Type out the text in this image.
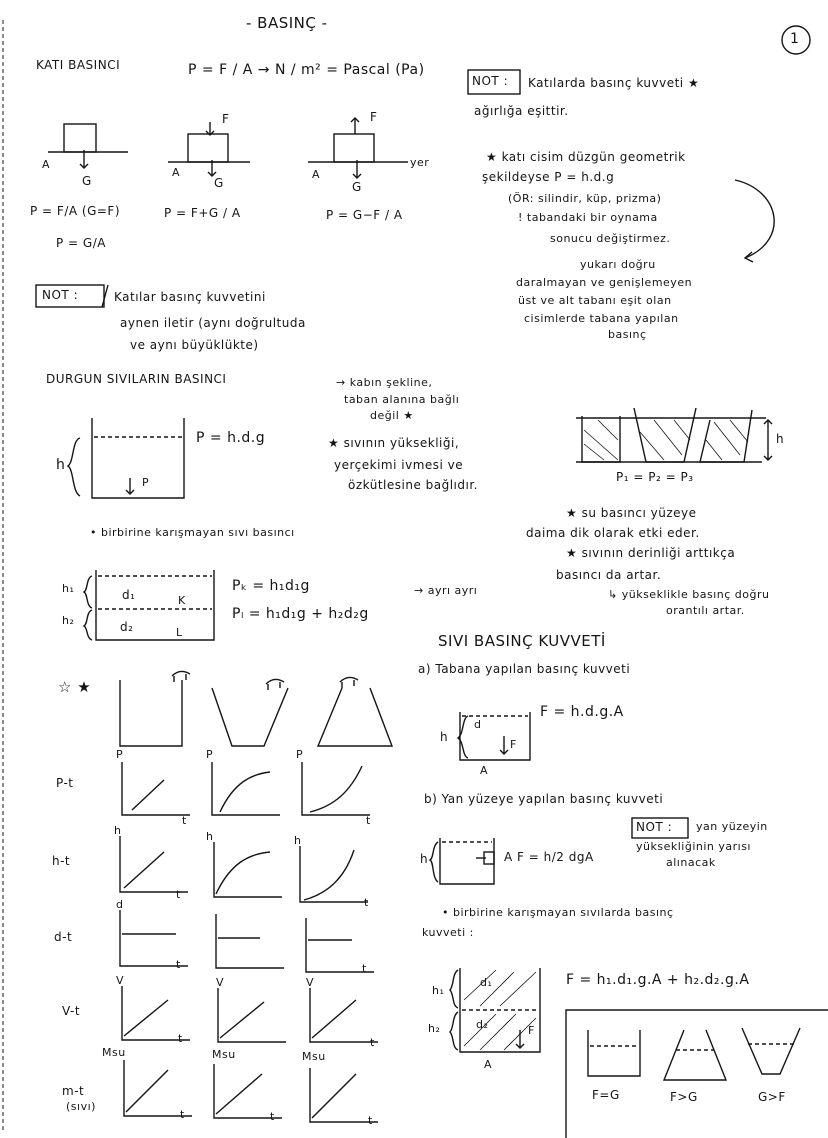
- BASINÇ -
1
KATI BASINCI	P = F / A → N / m² = Pascal (Pa)
A
G
F
A
G
F
A
G
yer
P = F/A (G=F)
P = G/A
P = F+G / A	P = G−F / A
NOT :	Katılar basınç kuvvetini
aynen iletir (aynı doğrultuda
ve aynı büyüklükte)
NOT : Katılarda basınç kuvveti ★
ağırlığa eşittir.
★ katı cisim düzgün geometrik
şekildeyse P = h.d.g
(ÖR: silindir, küp, prizma)
! tabandaki bir oynama
sonucu değiştirmez.
yukarı doğru
daralmayan ve genişlemeyen
üst ve alt tabanı eşit olan
cisimlerde tabana yapılan
basınç
DURGUN SIVILARIN BASINCI	→ kabın şekline,
taban alanına bağlı
değil ★
P = h.d.g
h
P
★ sıvının yüksekliği,
yerçekimi ivmesi ve
özkütlesine bağlıdır.
P₁ = P₂ = P₃
h
• birbirine karışmayan sıvı basıncı
h₁
h₂
d₁
d₂
K
L
Pₖ = h₁d₁g
Pₗ = h₁d₁g + h₂d₂g
→ ayrı ayrı
★ su basıncı yüzeye
daima dik olarak etki eder.
★ sıvının derinliği arttıkça
basıncı da artar.
↳ yüksekliklе basınç doğru
orantılı artar.
☆ ★
P-t
h-t
d-t
V-t
m-t
(sıvı)
P	P	P
h	h	h
d
V	V	V
Msu	Msu	Msu
t	t
t
t
t	t
t	t
t	t	t
SIVI BASINÇ KUVVETİ
a) Tabana yapılan basınç kuvveti
F = h.d.g.A
h
d
F
A
b) Yan yüzeye yapılan basınç kuvveti
h	A F = h/2 dgA
NOT : yan yüzeyin
yüksekliğinin yarısı
alınacak
• birbirine karışmayan sıvılarda basınç
kuvveti :
h₁
h₂
d₁
d₂	F
A
F = h₁.d₁.g.A + h₂.d₂.g.A
F=G	F>G	G>F
